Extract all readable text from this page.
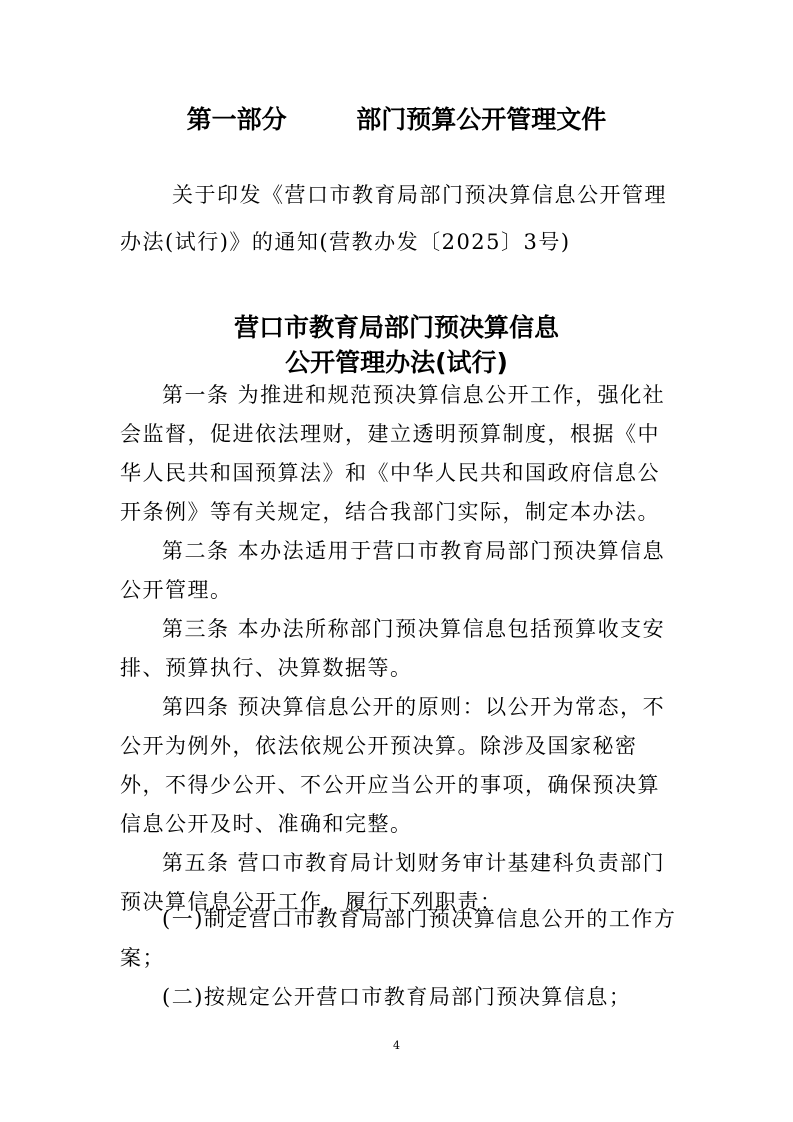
第一部分        部门预算公开管理文件

关于印发《营口市教育局部门预决算信息公开管理办法(试行)》的通知(营教办发〔2025〕3号)

营口市教育局部门预决算信息

公开管理办法(试行)

第一条 为推进和规范预决算信息公开工作，强化社会监督，促进依法理财，建立透明预算制度，根据《中华人民共和国预算法》和《中华人民共和国政府信息公开条例》等有关规定，结合我部门实际，制定本办法。

第二条 本办法适用于营口市教育局部门预决算信息公开管理。

第三条 本办法所称部门预决算信息包括预算收支安排、预算执行、决算数据等。

第四条 预决算信息公开的原则：以公开为常态，不公开为例外，依法依规公开预决算。除涉及国家秘密外，不得少公开、不公开应当公开的事项，确保预决算信息公开及时、准确和完整。

第五条 营口市教育局计划财务审计基建科负责部门预决算信息公开工作，履行下列职责：

(一)制定营口市教育局部门预决算信息公开的工作方案；

(二)按规定公开营口市教育局部门预决算信息；

4
